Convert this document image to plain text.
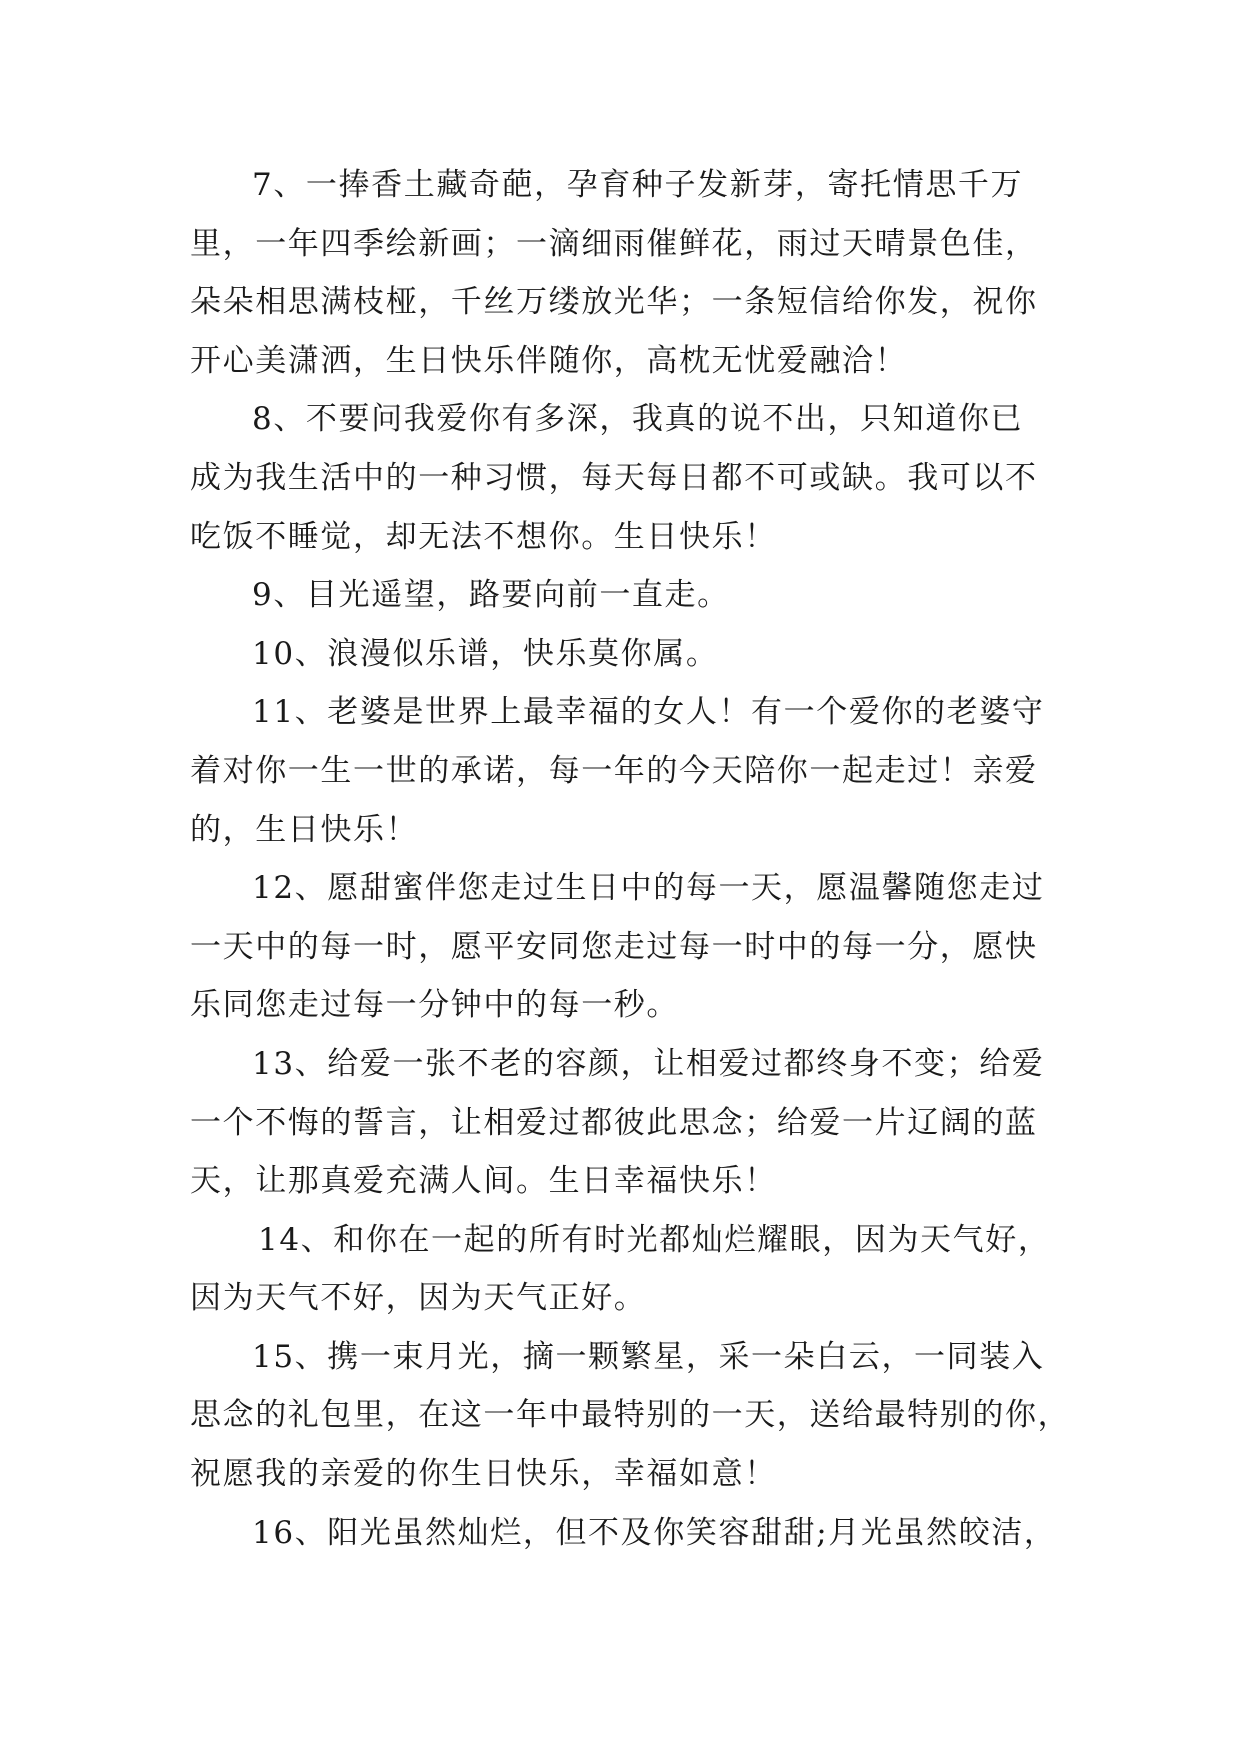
7、一捧香土藏奇葩，孕育种子发新芽，寄托情思千万
里，一年四季绘新画；一滴细雨催鲜花，雨过天晴景色佳，
朵朵相思满枝桠，千丝万缕放光华；一条短信给你发，祝你
开心美潇洒，生日快乐伴随你，高枕无忧爱融洽！
8、不要问我爱你有多深，我真的说不出，只知道你已
成为我生活中的一种习惯，每天每日都不可或缺。我可以不
吃饭不睡觉，却无法不想你。生日快乐！
9、目光遥望，路要向前一直走。
10、浪漫似乐谱，快乐莫你属。
11、老婆是世界上最幸福的女人！有一个爱你的老婆守
着对你一生一世的承诺，每一年的今天陪你一起走过！亲爱
的，生日快乐！
12、愿甜蜜伴您走过生日中的每一天，愿温馨随您走过
一天中的每一时，愿平安同您走过每一时中的每一分，愿快
乐同您走过每一分钟中的每一秒。
13、给爱一张不老的容颜，让相爱过都终身不变；给爱
一个不悔的誓言，让相爱过都彼此思念；给爱一片辽阔的蓝
天，让那真爱充满人间。生日幸福快乐！
14、和你在一起的所有时光都灿烂耀眼，因为天气好，
因为天气不好，因为天气正好。
15、携一束月光，摘一颗繁星，采一朵白云，一同装入
思念的礼包里，在这一年中最特别的一天，送给最特别的你，
祝愿我的亲爱的你生日快乐，幸福如意！
16、阳光虽然灿烂，但不及你笑容甜甜;月光虽然皎洁，
